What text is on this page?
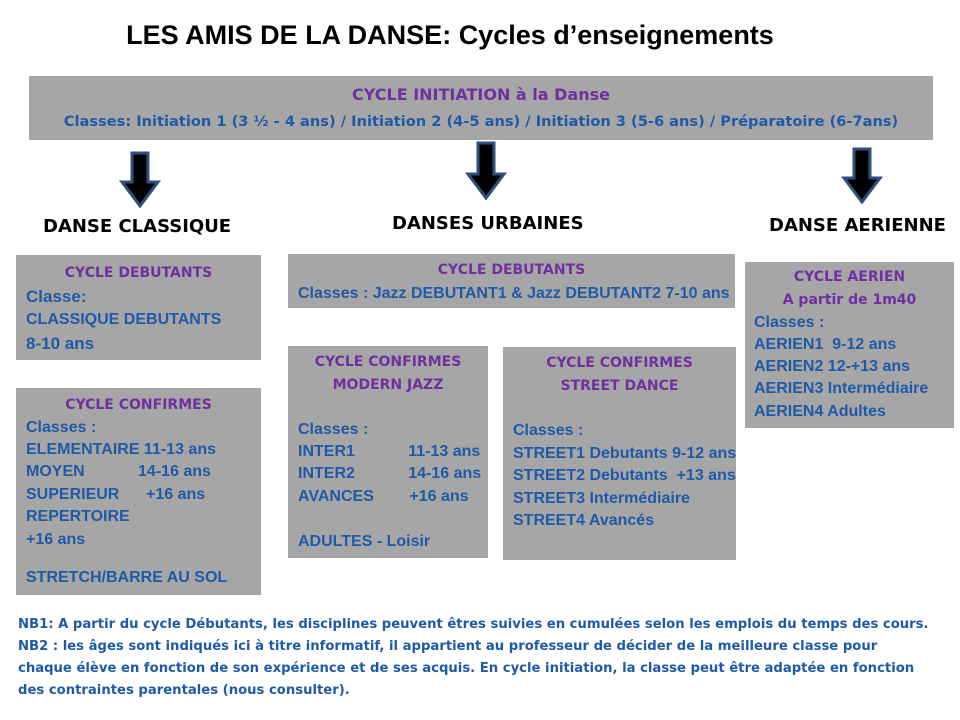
LES AMIS DE LA DANSE: Cycles d’enseignements
CYCLE INITIATION à la Danse
Classes: Initiation 1 (3 ½ - 4 ans) / Initiation 2 (4-5 ans) / Initiation 3 (5-6 ans) / Préparatoire (6-7ans)
DANSE CLASSIQUE	DANSES URBAINES	DANSE AERIENNE
CYCLE DEBUTANTS
Classe:
CLASSIQUE DEBUTANTS
8-10 ans
CYCLE CONFIRMES
Classes :
ELEMENTAIRE 11-13 ans
MOYEN            14-16 ans
SUPERIEUR      +16 ans
REPERTOIRE
+16 ans
STRETCH/BARRE AU SOL
CYCLE DEBUTANTS
Classes : Jazz DEBUTANT1 & Jazz DEBUTANT2 7-10 ans
CYCLE CONFIRMES
MODERN JAZZ
Classes :
INTER1            11-13 ans
INTER2            14-16 ans
AVANCES        +16 ans
ADULTES - Loisir
CYCLE CONFIRMES
STREET DANCE
Classes :
STREET1 Debutants 9-12 ans
STREET2 Debutants  +13 ans
STREET3 Intermédiaire
STREET4 Avancés
CYCLE AERIEN
A partir de 1m40
Classes :
AERIEN1  9-12 ans
AERIEN2 12-+13 ans
AERIEN3 Intermédiaire
AERIEN4 Adultes
NB1: A partir du cycle Débutants, les disciplines peuvent êtres suivies en cumulées selon les emplois du temps des cours.
NB2 : les âges sont indiqués ici à titre informatif, il appartient au professeur de décider de la meilleure classe pour
chaque élève en fonction de son expérience et de ses acquis. En cycle initiation, la classe peut être adaptée en fonction
des contraintes parentales (nous consulter).
